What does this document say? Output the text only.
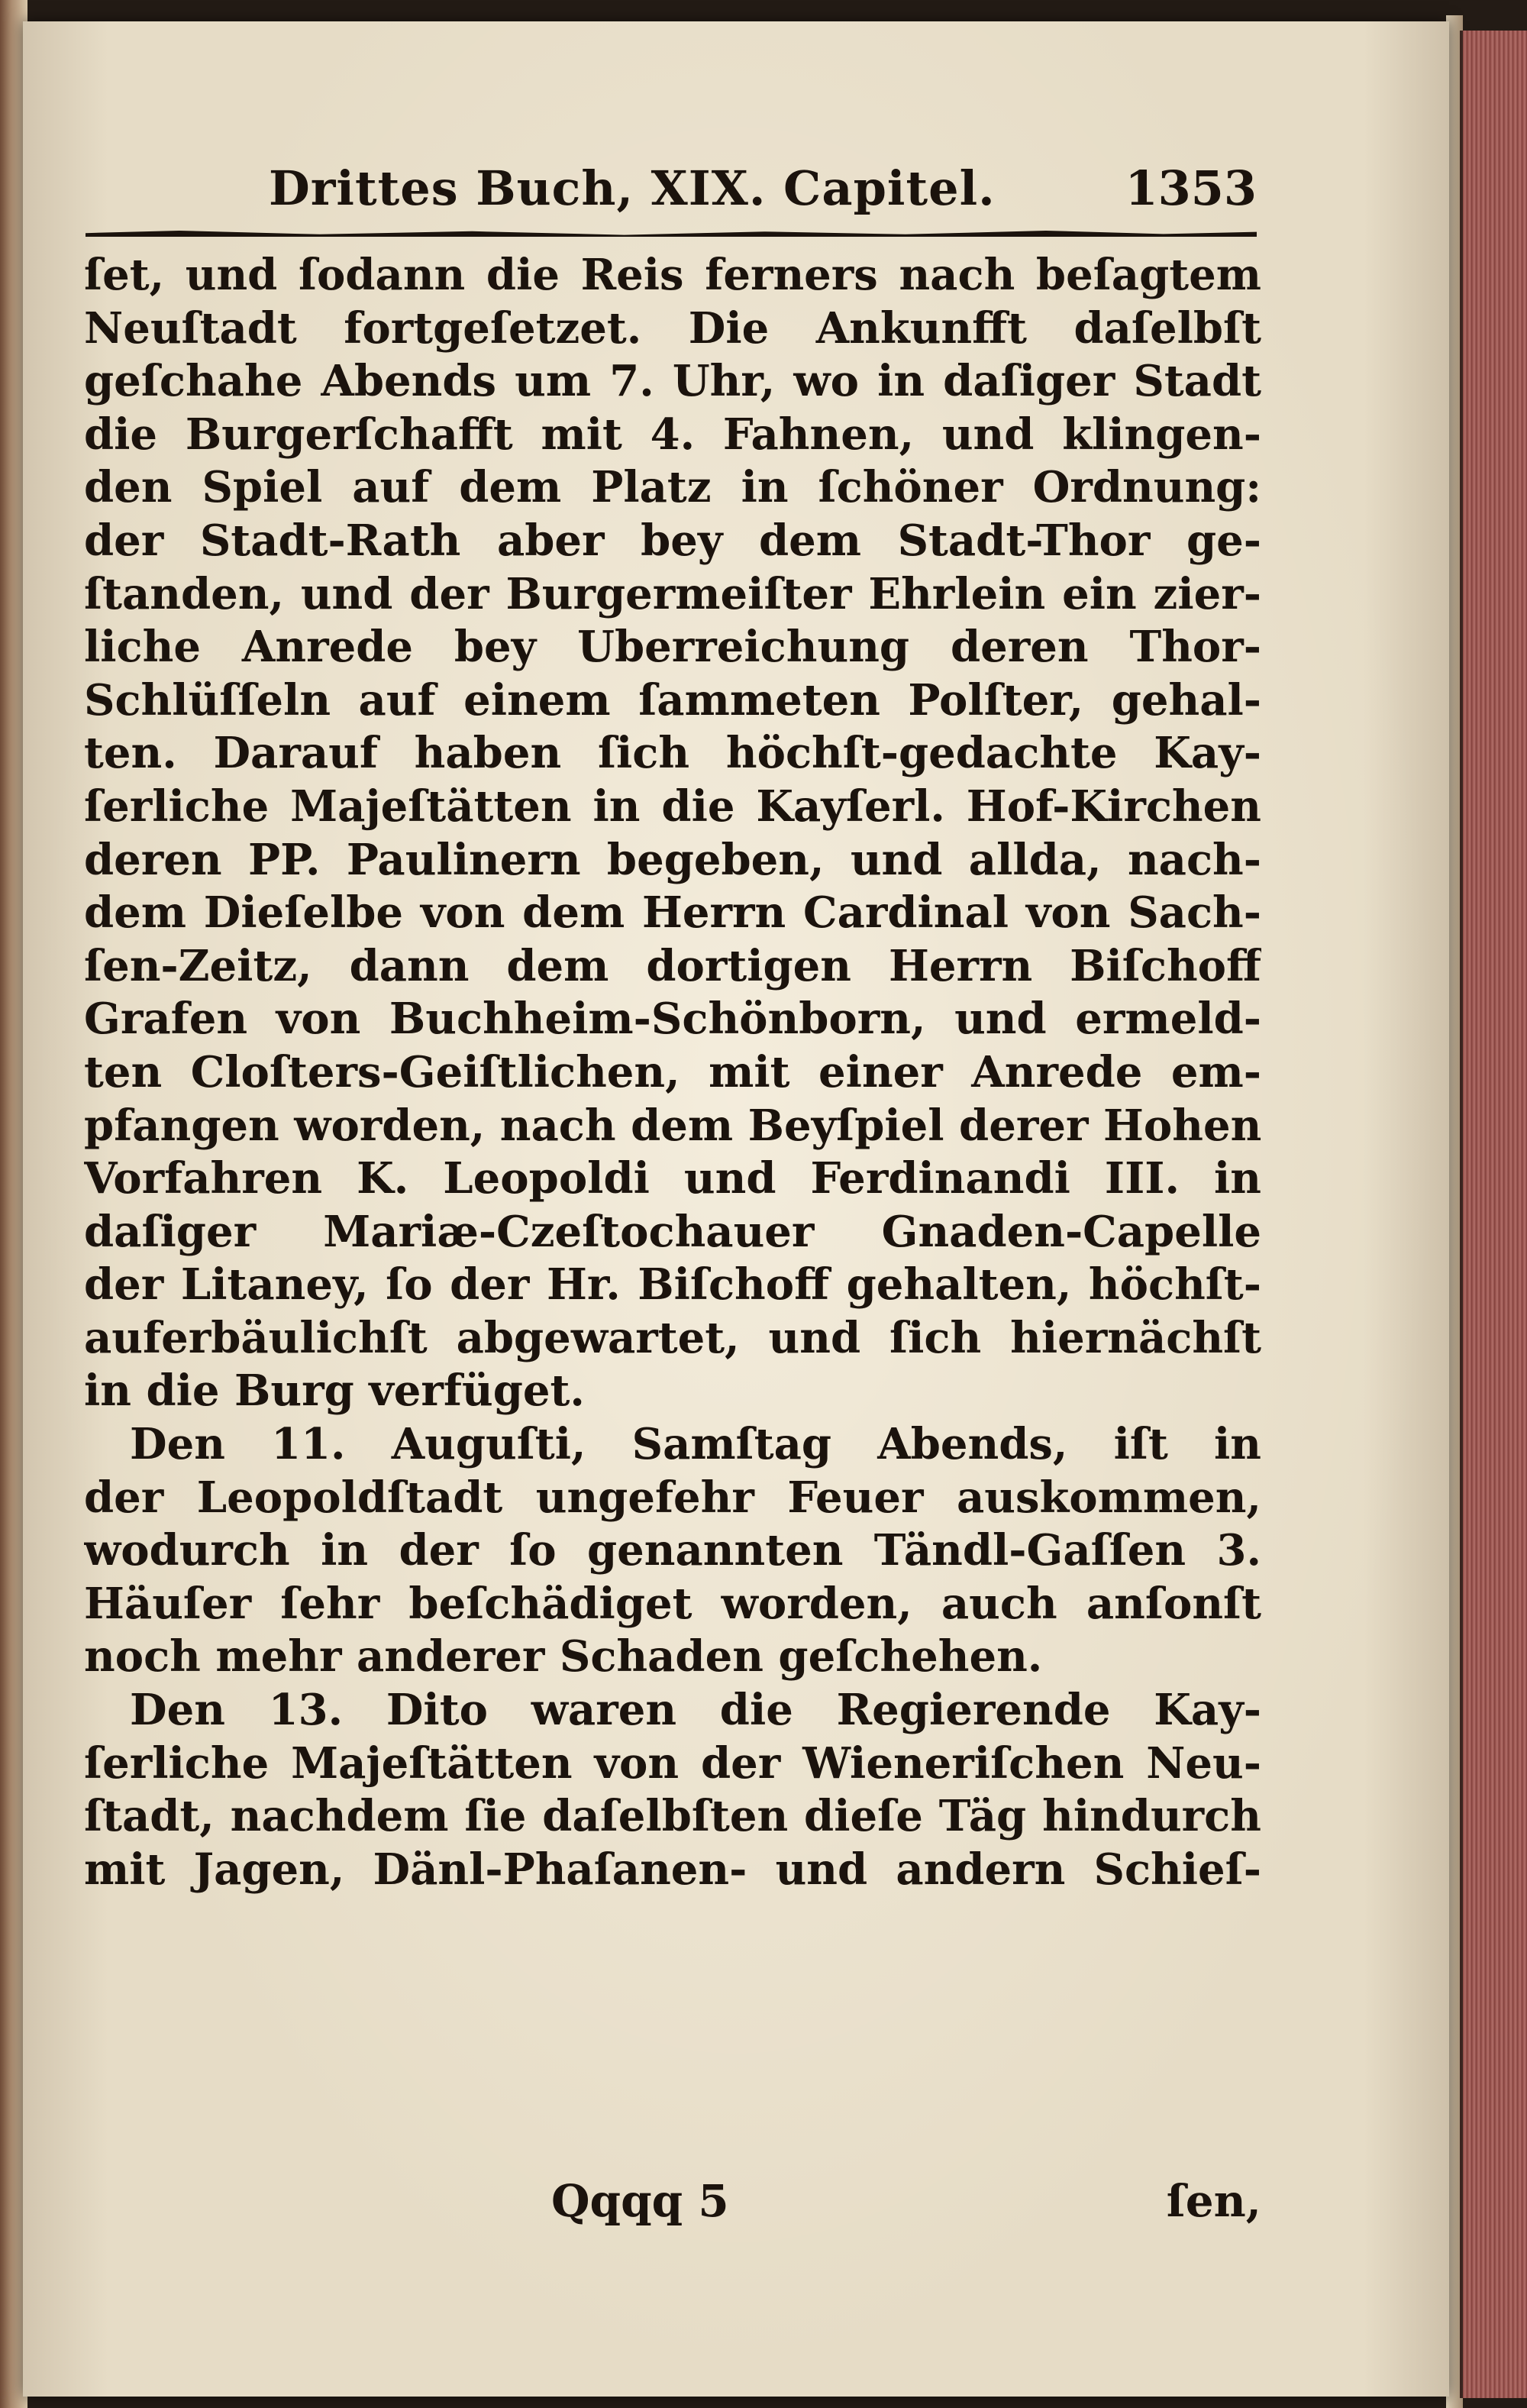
Drittes Buch, XIX. Capitel.	1353
ſet, und ſodann die Reis ferners nach beſagtem
Neuſtadt fortgeſetzet. Die Ankunfft daſelbſt
geſchahe Abends um 7. Uhr, wo in daſiger Stadt
die Burgerſchafft mit 4. Fahnen, und klingen-
den Spiel auf dem Platz in ſchöner Ordnung:
der Stadt-Rath aber bey dem Stadt-Thor ge-
ſtanden, und der Burgermeiſter Ehrlein ein zier-
liche Anrede bey Uberreichung deren Thor-
Schlüſſeln auf einem ſammeten Polſter, gehal-
ten. Darauf haben ſich höchſt-gedachte Kay-
ſerliche Majeſtätten in die Kayſerl. Hof-Kirchen
deren PP. Paulinern begeben, und allda, nach-
dem Dieſelbe von dem Herrn Cardinal von Sach-
ſen-Zeitz, dann dem dortigen Herrn Biſchoff
Grafen von Buchheim-Schönborn, und ermeld-
ten Cloſters-Geiſtlichen, mit einer Anrede em-
pfangen worden, nach dem Beyſpiel derer Hohen
Vorfahren K. Leopoldi und Ferdinandi III. in
daſiger Mariæ-Czeſtochauer Gnaden-Capelle
der Litaney, ſo der Hr. Biſchoff gehalten, höchſt-
auferbäulichſt abgewartet, und ſich hiernächſt
in die Burg verfüget.
Den 11. Auguſti, Samſtag Abends, iſt in
der Leopoldſtadt ungefehr Feuer auskommen,
wodurch in der ſo genannten Tändl-Gaſſen 3.
Häuſer ſehr beſchädiget worden, auch anſonſt
noch mehr anderer Schaden geſchehen.
Den 13. Dito waren die Regierende Kay-
ſerliche Majeſtätten von der Wieneriſchen Neu-
ſtadt, nachdem ſie daſelbſten dieſe Täg hindurch
mit Jagen, Dänl-Phaſanen- und andern Schieſ-
Qqqq 5	ſen,
